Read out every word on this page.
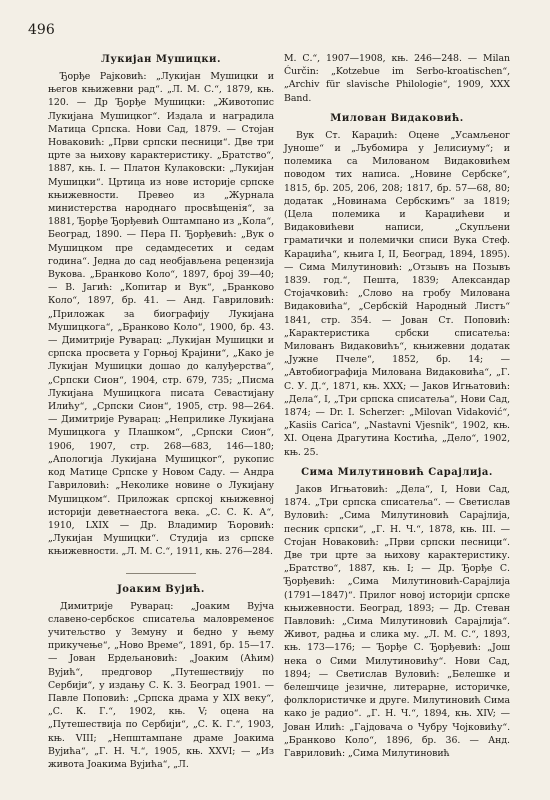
496
Лукијан Мушицки.

Ђорђе Рајковић: „Лукијан Мушицки и његов књижевни рад“. „Л. М. С.“, 1879, књ. 120. — Др Ђорђе Мушицки: „Животопис Лукијана Мушицког“. Издала и наградила Матица Српска. Нови Сад, 1879. — Стојан Новаковић: „Први српски песници“. Две три црте за њихову карактеристику. „Братство“, 1887, књ. I. — Платон Кулаковски: „Лукијан Мушицки“. Цртица из нове историје српске књижевности. Превео из „Журнала министерства народнаго просвѣщенія“, за 1881, Ђорђе Ђорђевић Оштампано из „Кола“, Београд, 1890. — Пера П. Ђорђевић: „Вук о Мушицком пре седамдесетих и седам година“. Једна до сад необјављена рецензија Вукова. „Бранково Коло“, 1897, број 39—40; — В. Јагић: „Копитар и Вук“, „Бранково Коло“, 1897, бр. 41. — Анд. Гавриловић: „Приложак за биографију Лукијана Мушицкога“, „Бранково Коло“, 1900, бр. 43. — Димитрије Руварац: „Лукијан Мушицки и српска просвета у Горњој Крајини“, „Како је Лукијан Мушицки дошао до калуђерства“, „Српски Сион“, 1904, стр. 679, 735; „Писма Лукијана Мушицкога писата Севастијану Илићу“, „Српски Сион“, 1905, стр. 98—264. — Димитрије Руварац: „Неприлике Лукијана Мушицкога у Плашком“, „Српски Сион“, 1906, 1907, стр. 268—683, 146—180; „Апологија Лукијана Мушицког“, рукопис код Матице Српске у Новом Саду. — Андра Гавриловић: „Неколике новине о Лукијану Мушицком“. Приложак српској књижевној историји деветнаестога века. „С. С. К. А“, 1910, LXIX — Др. Владимир Ћоровић: „Лукијан Мушицки“. Студија из српске књижевности. „Л. М. С.“, 1911, књ. 276—284.

Јоаким Вујић.

Димитрије Руварац: „Јоаким Вујча славено-сербскоє списатеља маловременоє учитељство у Земуну и бедно у њему прикучење“, „Ново Време“, 1891, бр. 15—17. — Јован Ердељановић: „Јоаким (Аћим) Вујић“, предговор „Путешествију по Сербији“, у издању С. К. З. Београд 1901. — Павле Поповић: „Српска драма у XIX веку“, „С. К. Г.“, 1902, књ. V; оцена на „Путешествија по Сербији“, „С. К. Г.“, 1903, књ. VIII; „Непштампане драме Јоакима Вујића“, „Г. Н. Ч.“, 1905, књ. XXVI; — „Из живота Јоакима Вујића“, „Л.

М. С.“, 1907—1908, књ. 246—248. — Milan Ćurčin: „Kotzebue im Serbo-kroatischen“, „Archiv für slavische Philologie“, 1909, XXX Band.

Милован Видаковић.

Вук Ст. Караџић: Оцене „Усамљеног Јуноше“ и „Љубомира у Јелисиуму“; и полемика са Милованом Видаковићем поводом тих написа. „Новине Сербске“, 1815, бр. 205, 206, 208; 1817, бр. 57—68, 80; додатак „Новинама Сербскимъ“ за 1819; (Цела полемика и Караџићеви и Видаковићеви написи, „Скупљени граматички и полемички списи Вука Стеф. Караџића“, књига I, II, Београд, 1894, 1895). — Сима Милутиновић: „Отзывъ на Позывъ 1839. год.“, Пешта, 1839; Александар Стојачковић: „Слово на гробу Милована Видаковића“, „Сербскій Народный Листъ“ 1841, стр. 354. — Јован Ст. Поповић: „Карактеристика србски списатеља: Милованъ Видаковићъ“, књижевни додатак „Јужне Пчеле“, 1852, бр. 14; — „Автобиографија Милована Видаковића“, „Г. С. У. Д.“, 1871, књ. XXX; — Јаков Игњатовић: „Дела“, I, „Три српска списатеља“, Нови Сад, 1874; — Dr. I. Scherzer: „Milovan Vidaković“, „Kasiis Carica“, „Nastavni Vjesnik“, 1902, књ. XI. Оцена Драгутина Костића, „Дело“, 1902, књ. 25.

Сима Милутиновић Сарајлија.

Јаков Игњатовић: „Дела“, I, Нови Сад, 1874. „Три српска списатеља“. — Светислав Вуловић: „Сима Милутиновић Сарајлија, песник српски“, „Г. Н. Ч.“, 1878, књ. III. — Стојан Новаковић: „Први српски песници“. Две три црте за њихову карактеристику. „Братство“, 1887, књ. I; — Др. Ђорђе С. Ђорђевић: „Сима Милутиновић-Сарајлија (1791—1847)“. Прилог новој историји српске књижевности. Београд, 1893; — Др. Стеван Павловић: „Сима Милутиновић Сарајлија“. Живот, радња и слика му. „Л. М. С.“, 1893, књ. 173—176; — Ђорђе С. Ђорђевић: „Још нека о Сими Милутиновићу“. Нови Сад, 1894; — Светислав Вуловић: „Белешке и белешчице језичне, литерарне, историчке, фолклористичке и друге. Милутиновић Сима како је радио“. „Г. Н. Ч.“, 1894, књ. XIV; — Јован Илић: „Гајдовача о Чубру Чојковићу“. „Бранково Коло“, 1896, бр. 36. — Анд. Гавриловић: „Сима Милутиновић
